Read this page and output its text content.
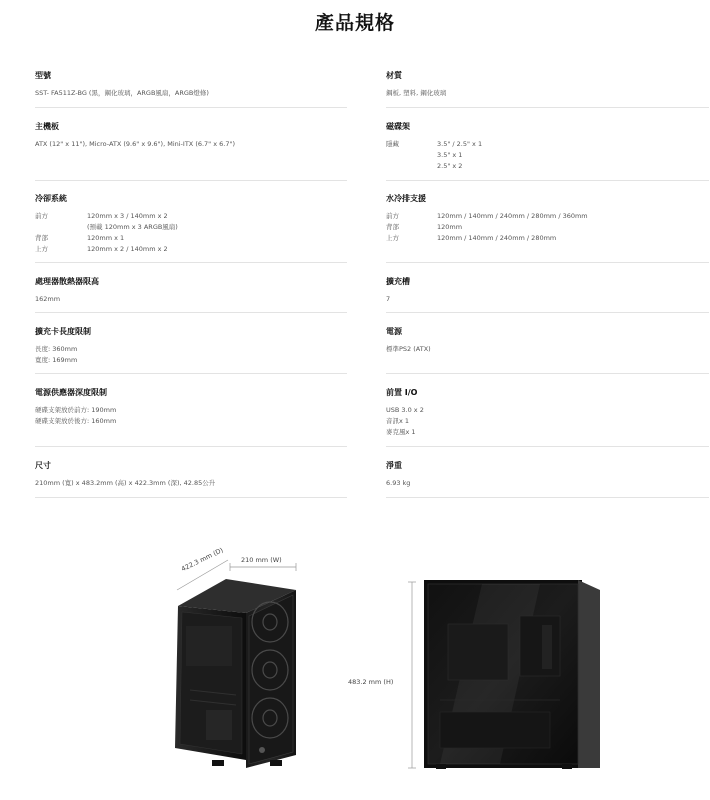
產品規格
型號
SST- FA511Z-BG (黑，鋼化玻璃，ARGB風扇，ARGB燈條)
材質
鋼板, 塑料, 鋼化玻璃
主機板
ATX (12" x 11"), Micro-ATX (9.6" x 9.6"), Mini-ITX (6.7" x 6.7")
磁碟架
隱藏	3.5" / 2.5" x 1
3.5" x 1
2.5" x 2
冷卻系統
前方	120mm x 3 / 140mm x 2
(預載 120mm x 3 ARGB風扇)
背部	120mm x 1
上方	120mm x 2 / 140mm x 2
水冷排支援
前方	120mm / 140mm / 240mm / 280mm / 360mm
背部	120mm
上方	120mm / 140mm / 240mm / 280mm
處理器散熱器限高
162mm
擴充槽
7
擴充卡長度限制
長度: 360mm
寬度: 169mm
電源
標準PS2 (ATX)
電源供應器深度限制
硬碟支架放於前方: 190mm
硬碟支架放於後方: 160mm
前置 I/O
USB 3.0 x 2
音訊x 1
麥克風x 1
尺寸
210mm (寬) x 483.2mm (高) x 422.3mm (深), 42.85公升
淨重
6.93 kg
422.3 mm (D)	210 mm (W)
483.2 mm (H)
